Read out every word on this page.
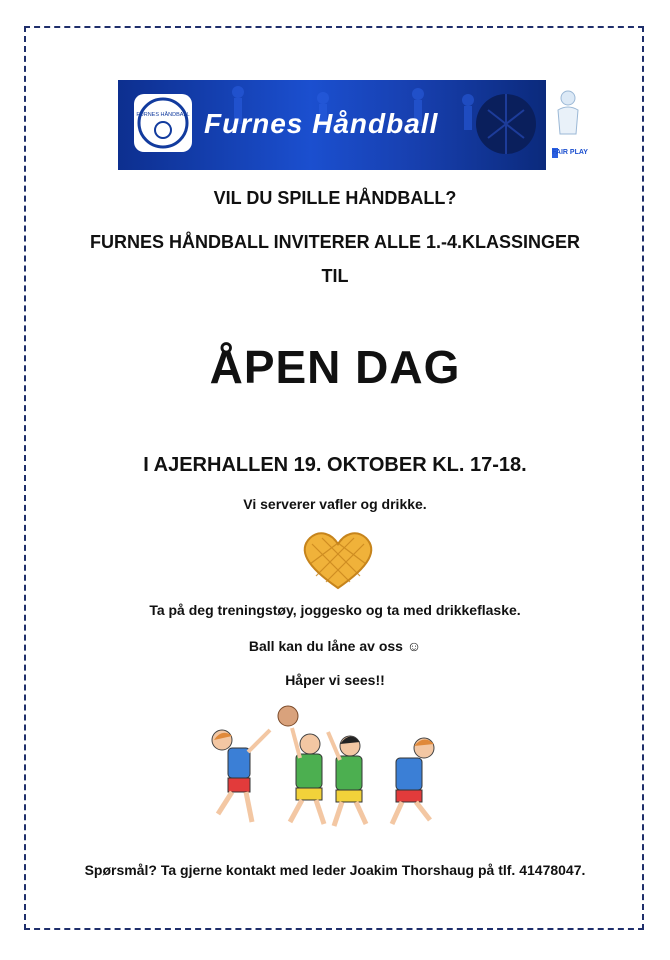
FURNES HÅNDBALL Furnes Håndball
FAIR PLAY
VIL DU SPILLE HÅNDBALL?
FURNES HÅNDBALL INVITERER ALLE 1.-4.KLASSINGER
TIL
ÅPEN DAG
I AJERHALLEN 19. OKTOBER KL. 17-18.
Vi serverer vafler og drikke.
Ta på deg treningstøy, joggesko og ta med drikkeflaske.
Ball kan du låne av oss ☺
Håper vi sees!!
Spørsmål? Ta gjerne kontakt med leder Joakim Thorshaug på tlf. 41478047.
